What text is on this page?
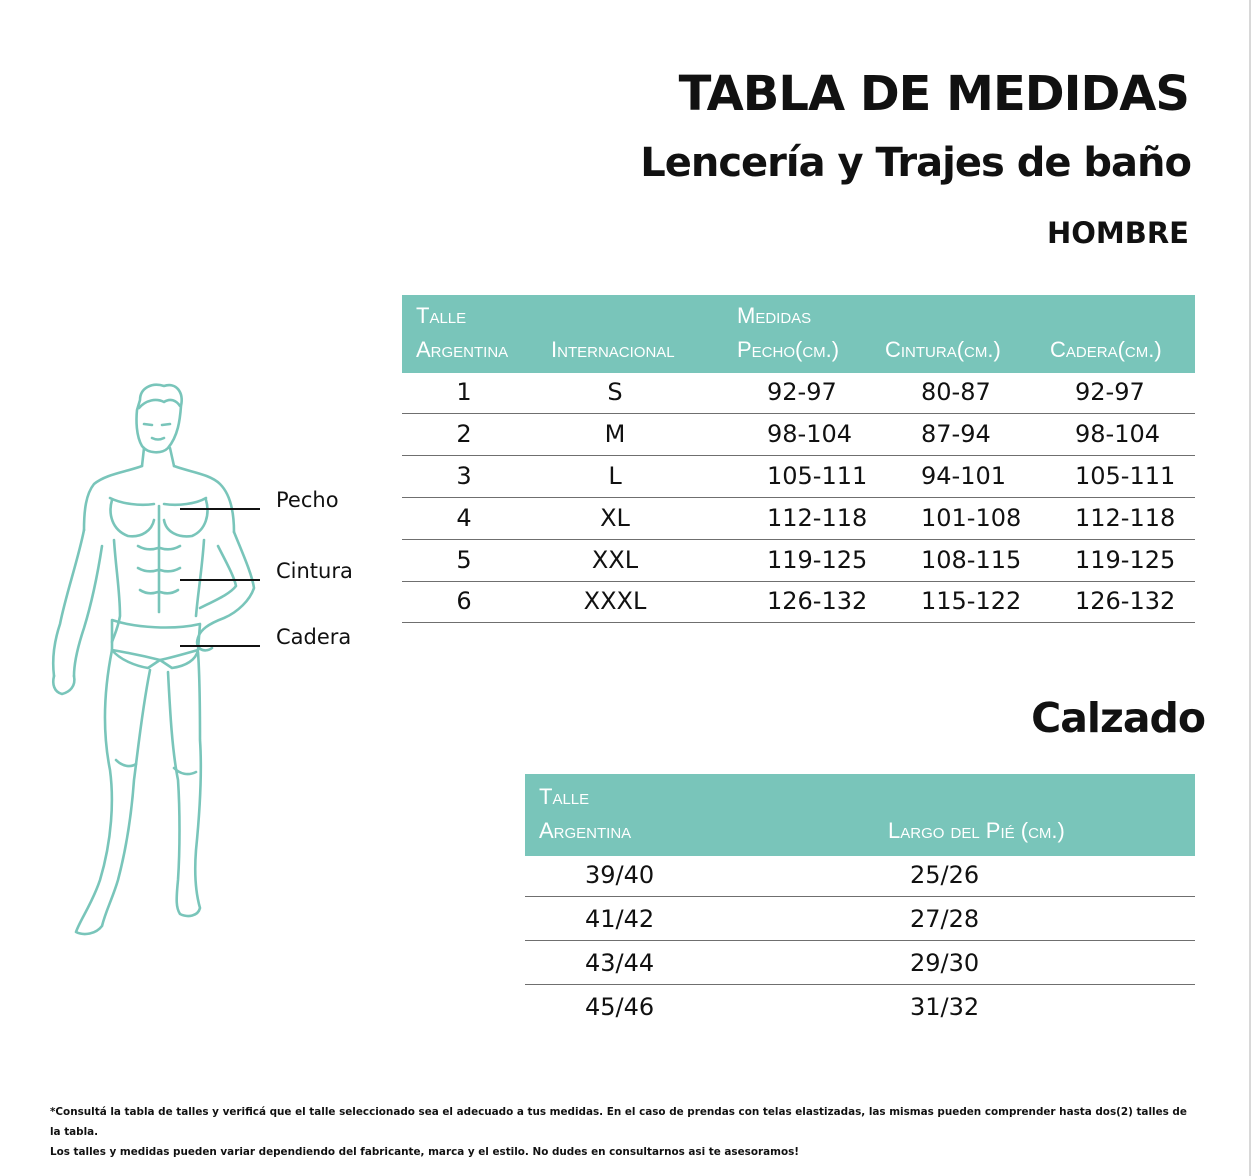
TABLA DE MEDIDAS
Lencería y Trajes de baño
HOMBRE
Pecho
Cintura
Cadera
Talle
Argentina Internacional
Medidas
Pecho(cm.) Cintura(cm.) Cadera(cm.)
1	S	92-97	80-87	92-97
2	M	98-104	87-94	98-104
3	L	105-111 94-101	105-111
4	XL	112-118 101-108 112-118
5	XXL	119-125 108-115 119-125
6	XXXL	126-132 115-122 126-132
Calzado
Talle
Argentina	Largo del Pié (cm.)
39/40	25/26
41/42	27/28
43/44	29/30
45/46	31/32
*Consultá la tabla de talles y verificá que el talle seleccionado sea el adecuado a tus medidas. En el caso de prendas con telas elastizadas, las mismas pueden comprender hasta dos(2) talles de la tabla.
Los talles y medidas pueden variar dependiendo del fabricante, marca y el estilo. No dudes en consultarnos asi te asesoramos!
